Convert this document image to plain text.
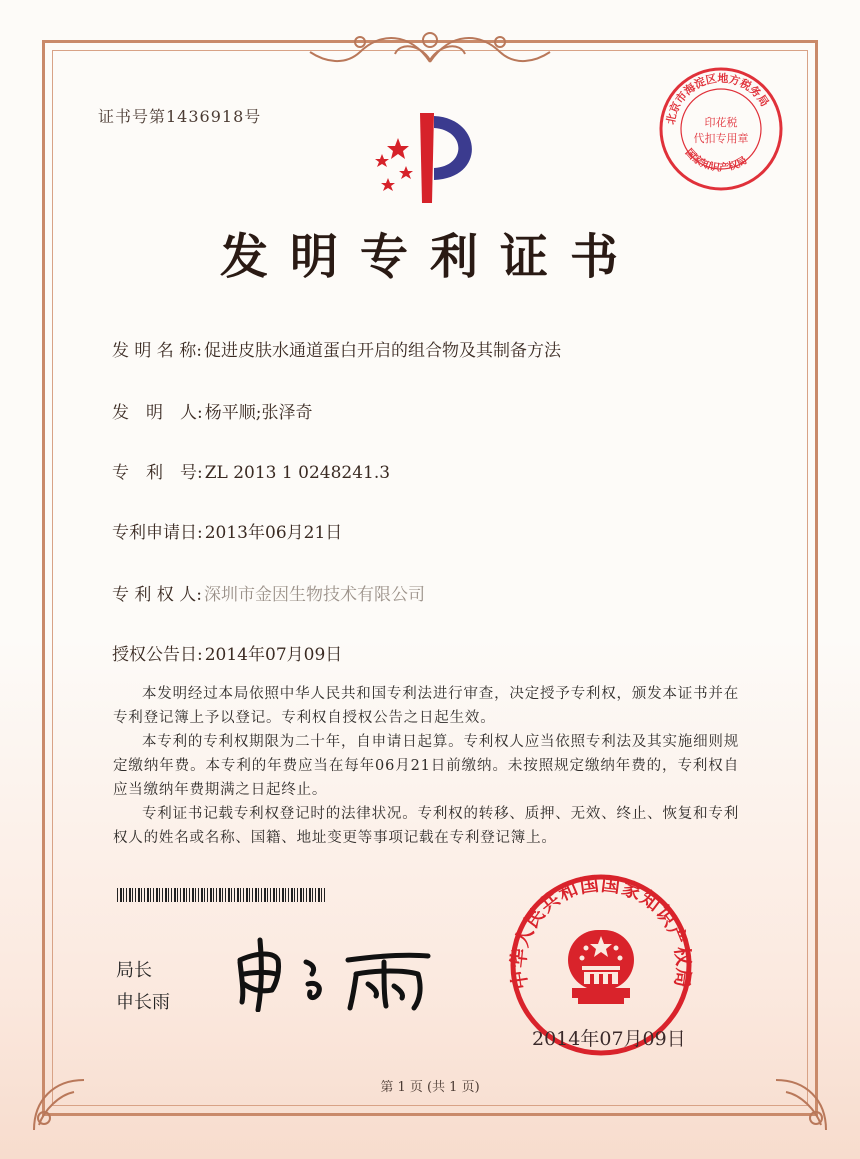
证书号第1436918号	北京市海淀区地方税务局
国家知识产权局
印花税
代扣专用章
发明专利证书
发 明 名 称: 促进皮肤水通道蛋白开启的组合物及其制备方法
发　明　人: 杨平顺;张泽奇
专　利　号: ZL 2013 1 0248241.3
专利申请日: 2013年06月21日
专 利 权 人: 深圳市金因生物技术有限公司
授权公告日: 2014年07月09日

本发明经过本局依照中华人民共和国专利法进行审查，决定授予专利权，颁发本证书并在专利登记簿上予以登记。专利权自授权公告之日起生效。

本专利的专利权期限为二十年，自申请日起算。专利权人应当依照专利法及其实施细则规定缴纳年费。本专利的年费应当在每年06月21日前缴纳。未按照规定缴纳年费的，专利权自应当缴纳年费期满之日起终止。

专利证书记载专利权登记时的法律状况。专利权的转移、质押、无效、终止、恢复和专利权人的姓名或名称、国籍、地址变更等事项记载在专利登记簿上。

局长
申长雨
中华人民共和国国家知识产权局
2014年07月09日
第 1 页 (共 1 页)
